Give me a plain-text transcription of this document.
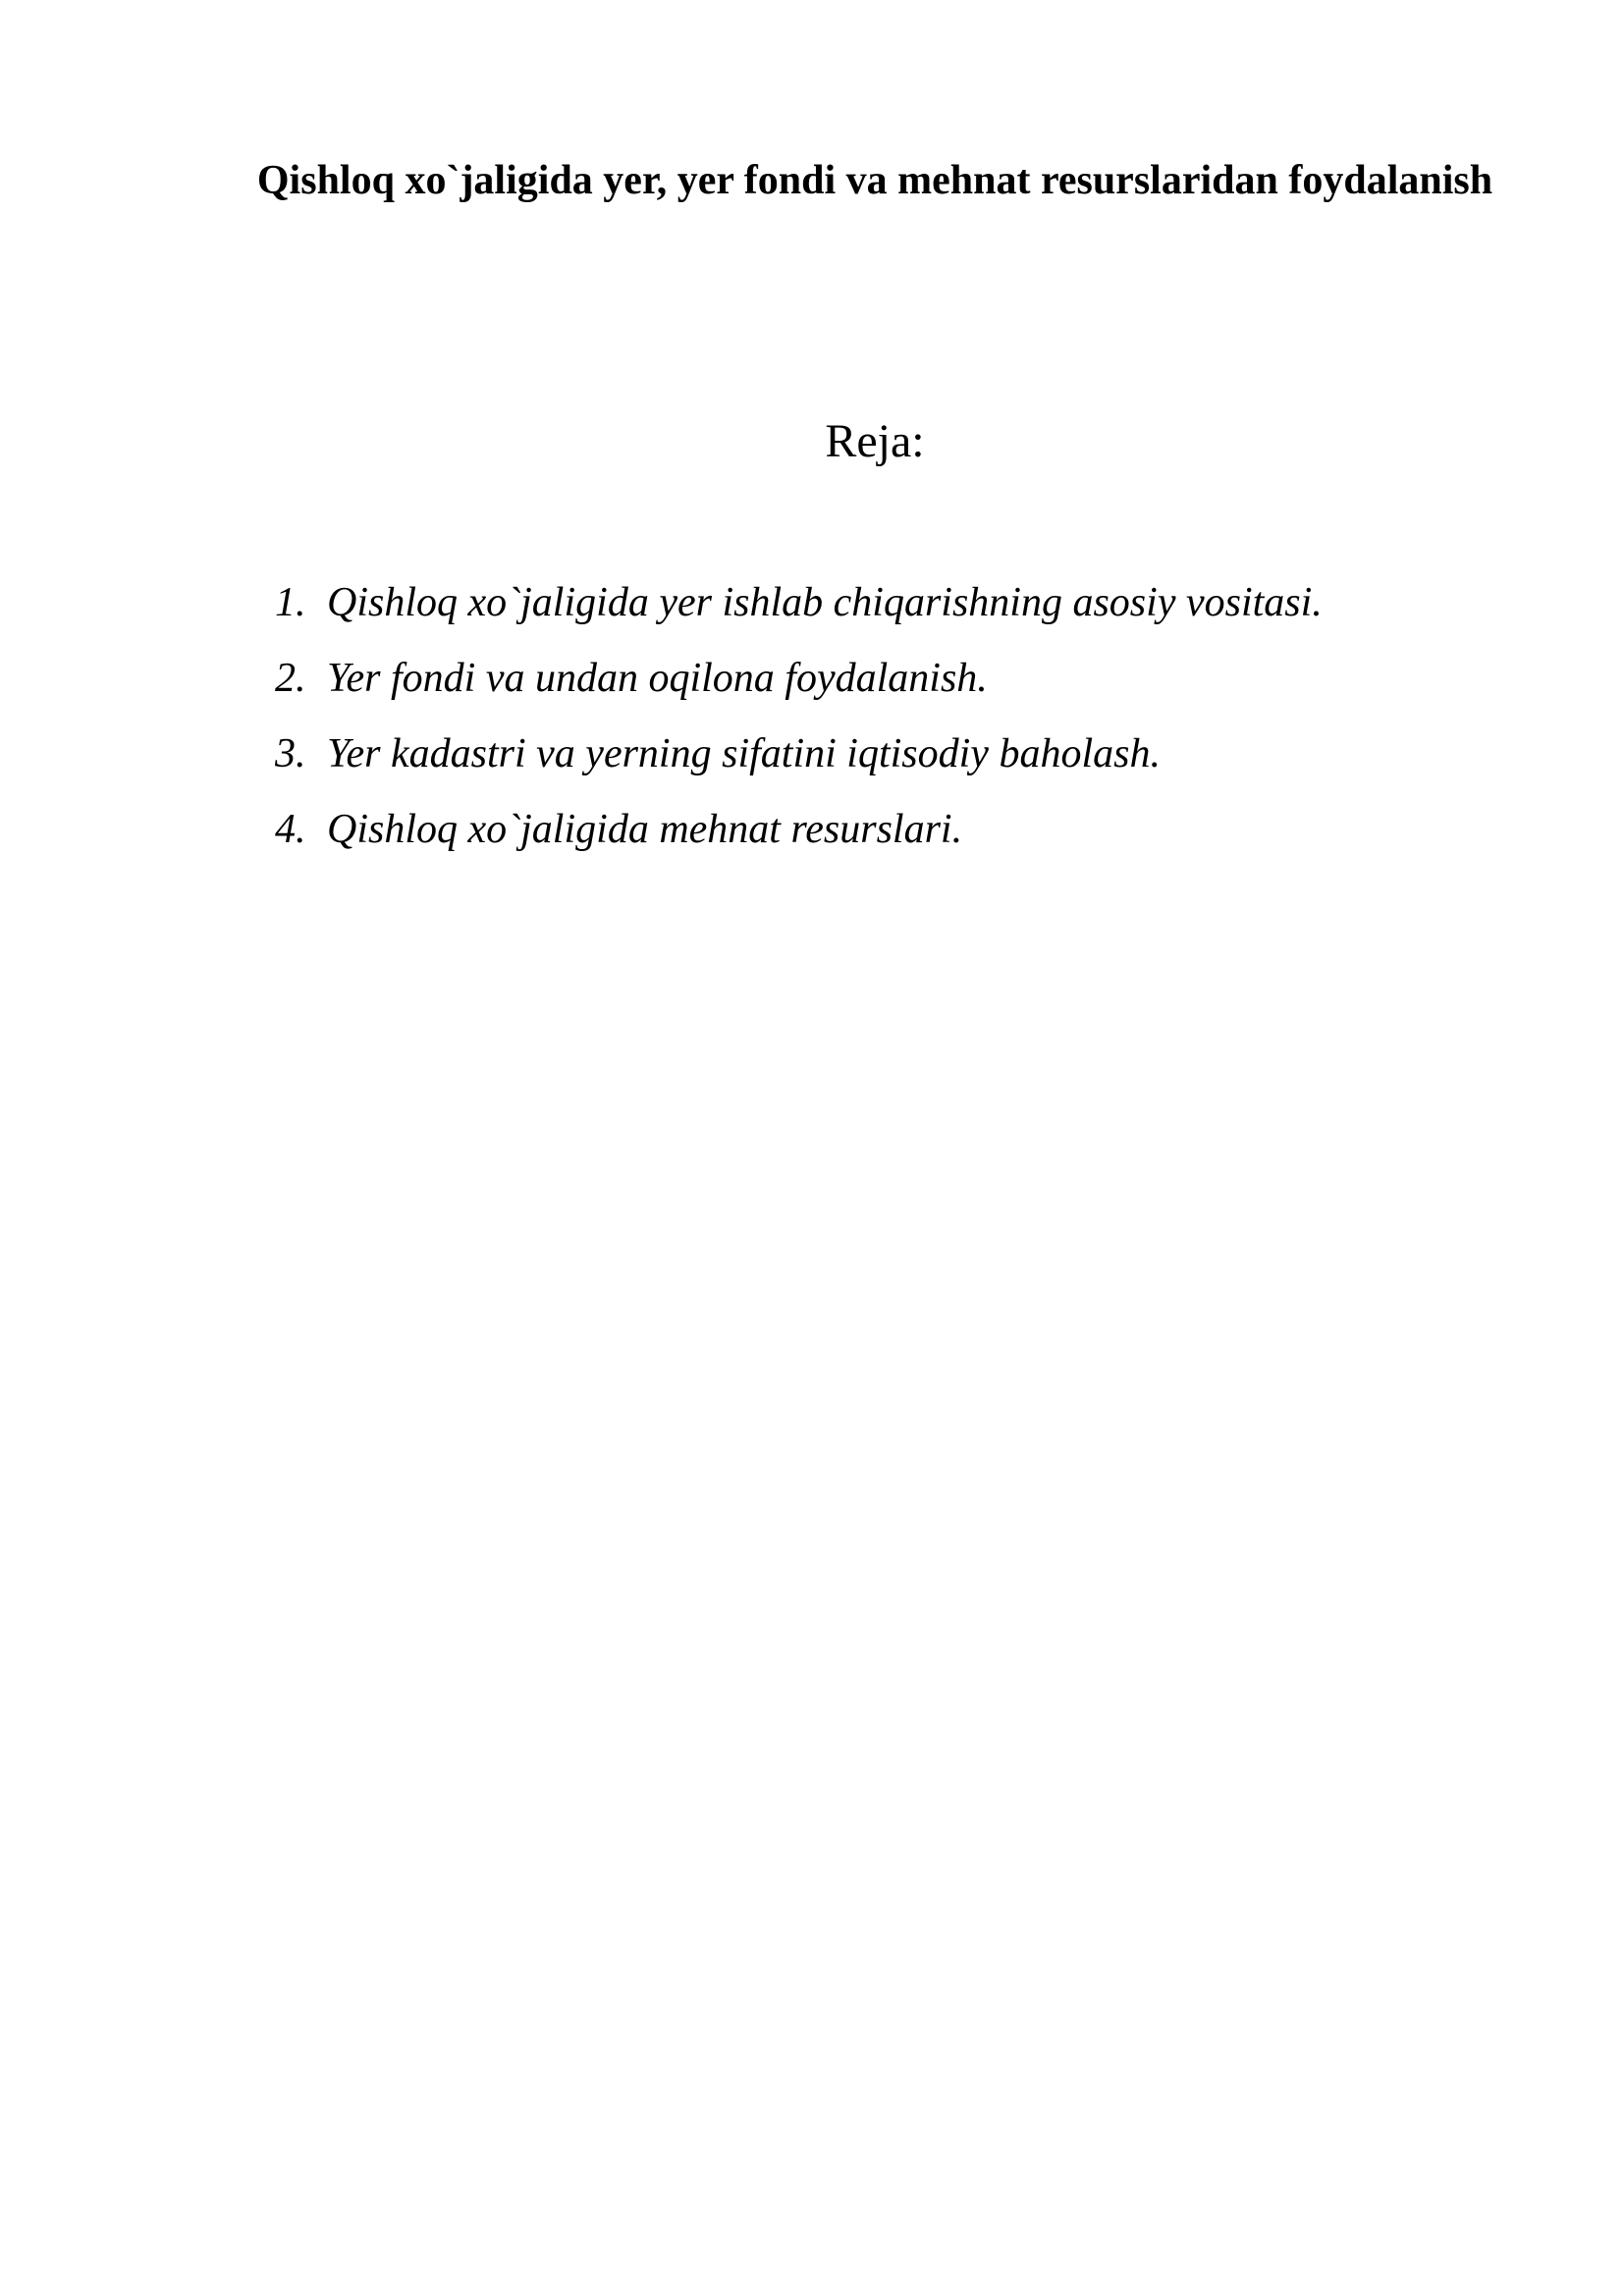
Qishloq xo`jaligida yer, yer fondi va mehnat resurslaridan foydalanish
Reja:
1. Qishloq xo`jaligida yer ishlab chiqarishning asosiy vositasi.
2. Yer fondi va undan oqilona foydalanish.
3. Yer kadastri va yerning sifatini iqtisodiy baholash.
4. Qishloq xo`jaligida mehnat resurslari.
